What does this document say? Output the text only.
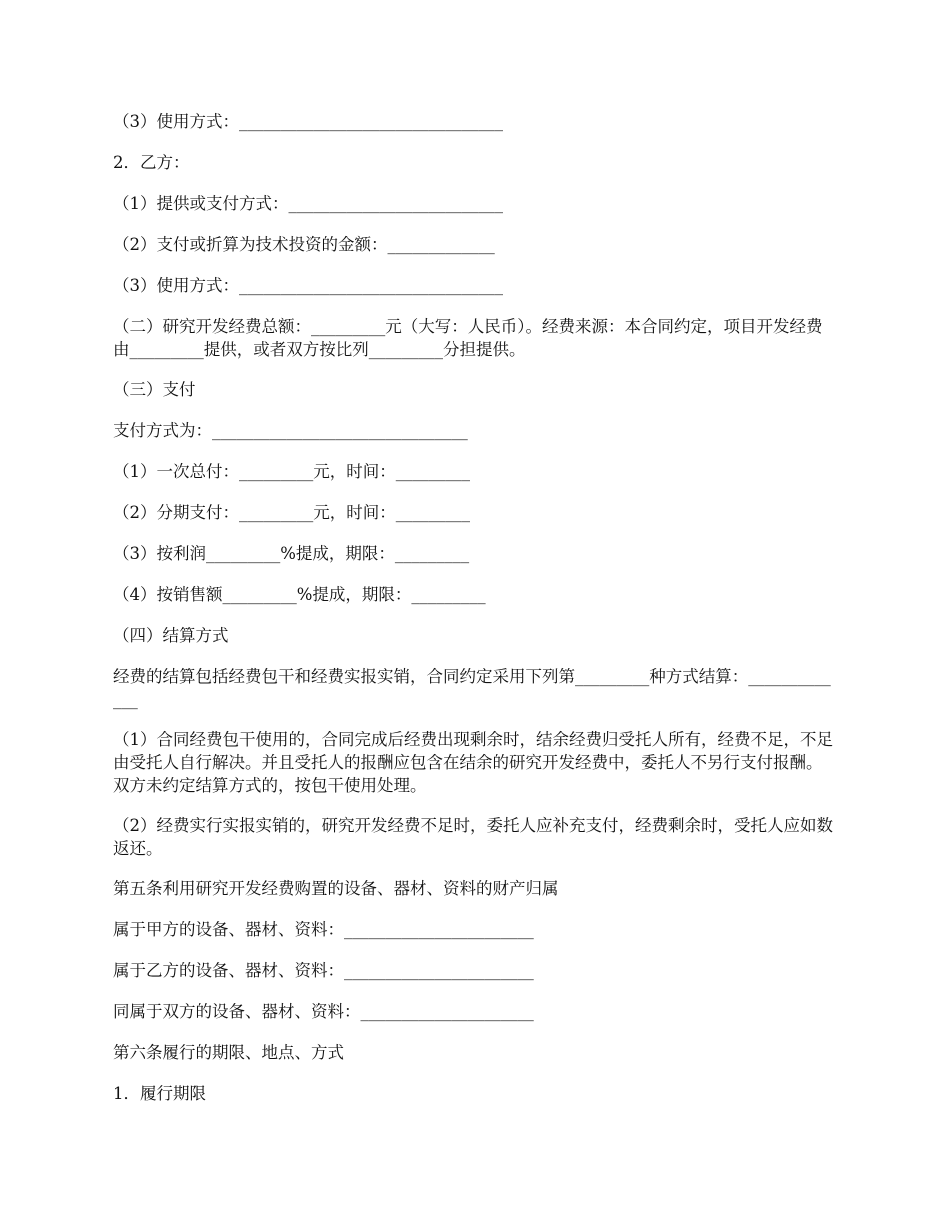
（3）使用方式：________________________________

2．乙方：

（1）提供或支付方式：__________________________

（2）支付或折算为技术投资的金额：_____________

（3）使用方式：________________________________

（二）研究开发经费总额：_________元（大写：人民币）。经费来源：本合同约定，项目开发经费由_________提供，或者双方按比列_________分担提供。

（三）支付

支付方式为：_______________________________

（1）一次总付：_________元，时间：_________

（2）分期支付：_________元，时间：_________

（3）按利润_________%提成，期限：_________

（4）按销售额_________%提成，期限：_________

（四）结算方式

经费的结算包括经费包干和经费实报实销，合同约定采用下列第_________种方式结算：_____________

（1）合同经费包干使用的，合同完成后经费出现剩余时，结余经费归受托人所有，经费不足，不足由受托人自行解决。并且受托人的报酬应包含在结余的研究开发经费中，委托人不另行支付报酬。双方未约定结算方式的，按包干使用处理。

（2）经费实行实报实销的，研究开发经费不足时，委托人应补充支付，经费剩余时，受托人应如数返还。

第五条利用研究开发经费购置的设备、器材、资料的财产归属

属于甲方的设备、器材、资料：_______________________

属于乙方的设备、器材、资料：_______________________

同属于双方的设备、器材、资料：_____________________

第六条履行的期限、地点、方式

1．履行期限
